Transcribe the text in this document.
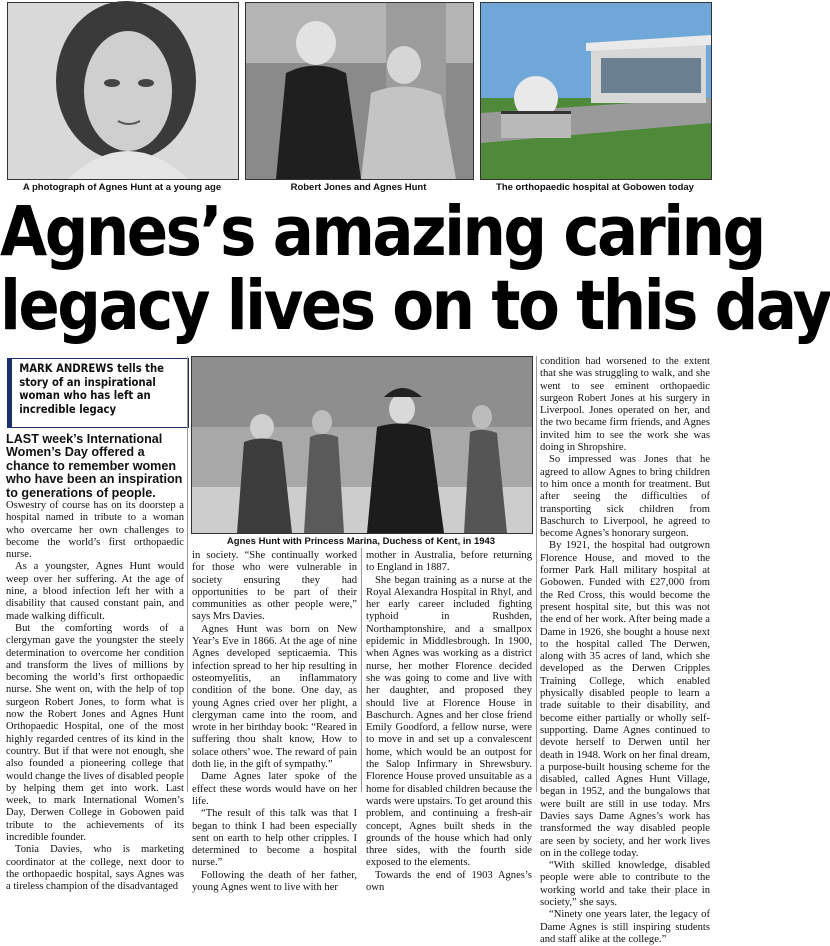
A photograph of Agnes Hunt at a young age	Robert Jones and Agnes Hunt	The orthopaedic hospital at Gobowen today
Agnes’s amazing caring
legacy lives on to this day
MARK ANDREWS tells the story of an inspirational woman who has left an incredible legacy
LAST week’s International Women’s Day offered a chance to remember women who have been an inspiration to generations of people.
Agnes Hunt with Princess Marina, Duchess of Kent, in 1943

Oswestry of course has on its doorstep a hospital named in tribute to a woman who overcame her own challenges to become the world’s first orthopaedic nurse.

As a youngster, Agnes Hunt would weep over her suffering. At the age of nine, a blood infection left her with a disability that caused constant pain, and made walking difficult.

But the comforting words of a clergyman gave the youngster the steely determination to overcome her condition and transform the lives of millions by becoming the world’s first orthopaedic nurse. She went on, with the help of top surgeon Robert Jones, to form what is now the Robert Jones and Agnes Hunt Orthopaedic Hospital, one of the most highly regarded centres of its kind in the country. But if that were not enough, she also founded a pioneering college that would change the lives of disabled people by helping them get into work. Last week, to mark International Women’s Day, Derwen College in Gobowen paid tribute to the achievements of its incredible founder.

Tonia Davies, who is marketing coordinator at the college, next door to the orthopaedic hospital, says Agnes was a tireless champion of the disadvantaged

in society. “She continually worked for those who were vulnerable in society ensuring they had opportunities to be part of their communities as other people were,” says Mrs Davies.

Agnes Hunt was born on New Year’s Eve in 1866. At the age of nine Agnes developed septicaemia. This infection spread to her hip resulting in osteomyelitis, an inflammatory condition of the bone. One day, as young Agnes cried over her plight, a clergyman came into the room, and wrote in her birthday book: “Reared in suffering thou shalt know, How to solace others’ woe. The reward of pain doth lie, in the gift of sympathy.”

Dame Agnes later spoke of the effect these words would have on her life.

“The result of this talk was that I began to think I had been especially sent on earth to help other cripples. I determined to become a hospital nurse.”

Following the death of her father, young Agnes went to live with her

mother in Australia, before returning to England in 1887.

She began training as a nurse at the Royal Alexandra Hospital in Rhyl, and her early career included fighting typhoid in Rushden, Northamptonshire, and a smallpox epidemic in Middlesbrough. In 1900, when Agnes was working as a district nurse, her mother Florence decided she was going to come and live with her daughter, and proposed they should live at Florence House in Baschurch. Agnes and her close friend Emily Goodford, a fellow nurse, were to move in and set up a convalescent home, which would be an outpost for the Salop Infirmary in Shrewsbury. Florence House proved unsuitable as a home for disabled children because the wards were upstairs. To get around this problem, and continuing a fresh-air concept, Agnes built sheds in the grounds of the house which had only three sides, with the fourth side exposed to the elements.

Towards the end of 1903 Agnes’s own

condition had worsened to the extent that she was struggling to walk, and she went to see eminent orthopaedic surgeon Robert Jones at his surgery in Liverpool. Jones operated on her, and the two became firm friends, and Agnes invited him to see the work she was doing in Shropshire.

So impressed was Jones that he agreed to allow Agnes to bring children to him once a month for treatment. But after seeing the difficulties of transporting sick children from Baschurch to Liverpool, he agreed to become Agnes’s honorary surgeon.

By 1921, the hospital had outgrown Florence House, and moved to the former Park Hall military hospital at Gobowen. Funded with £27,000 from the Red Cross, this would become the present hospital site, but this was not the end of her work. After being made a Dame in 1926, she bought a house next to the hospital called The Derwen, along with 35 acres of land, which she developed as the Derwen Cripples Training College, which enabled physically disabled people to learn a trade suitable to their disability, and become either partially or wholly self-supporting. Dame Agnes continued to devote herself to Derwen until her death in 1948. Work on her final dream, a purpose-built housing scheme for the disabled, called Agnes Hunt Village, began in 1952, and the bungalows that were built are still in use today. Mrs Davies says Dame Agnes’s work has transformed the way disabled people are seen by society, and her work lives on in the college today.

“With skilled knowledge, disabled people were able to contribute to the working world and take their place in society,” she says.

“Ninety one years later, the legacy of Dame Agnes is still inspiring students and staff alike at the college.”
